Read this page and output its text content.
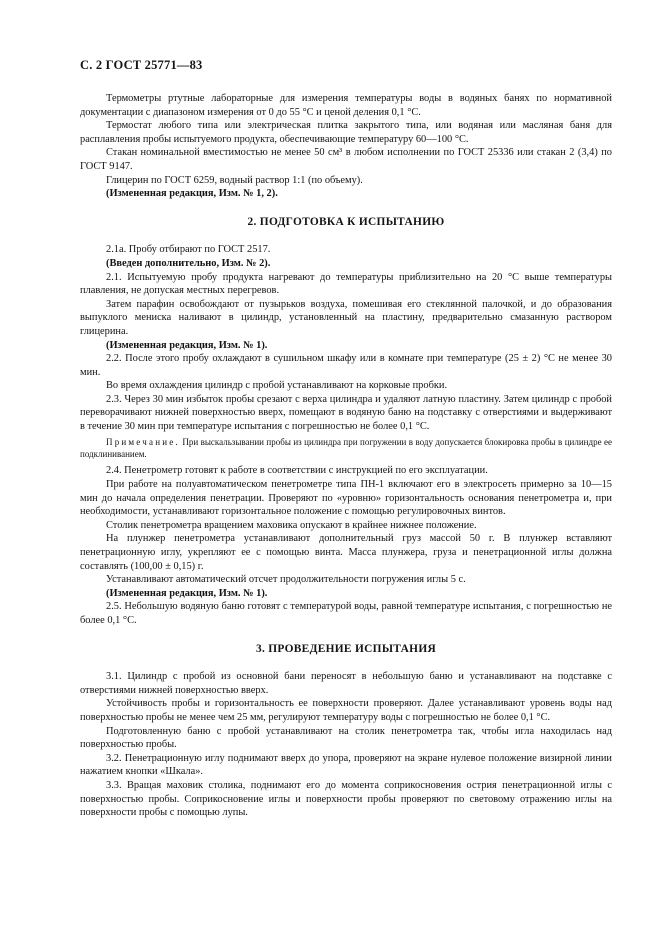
С. 2 ГОСТ 25771—83

Термометры ртутные лабораторные для измерения температуры воды в водяных банях по нормативной документации с диапазоном измерения от 0 до 55 °С и ценой деления 0,1 °С.

Термостат любого типа или электрическая плитка закрытого типа, или водяная или масляная баня для расплавления пробы испытуемого продукта, обеспечивающие температуру 60—100 °С.

Стакан номинальной вместимостью не менее 50 см³ в любом исполнении по ГОСТ 25336 или стакан 2 (3,4) по ГОСТ 9147.

Глицерин по ГОСТ 6259, водный раствор 1:1 (по объему).

(Измененная редакция, Изм. № 1, 2).

2. ПОДГОТОВКА К ИСПЫТАНИЮ

2.1а. Пробу отбирают по ГОСТ 2517.

(Введен дополнительно, Изм. № 2).

2.1. Испытуемую пробу продукта нагревают до температуры приблизительно на 20 °С выше температуры плавления, не допуская местных перегревов.

Затем парафин освобождают от пузырьков воздуха, помешивая его стеклянной палочкой, и до образования выпуклого мениска наливают в цилиндр, установленный на пластину, предварительно смазанную раствором глицерина.

(Измененная редакция, Изм. № 1).

2.2. После этого пробу охлаждают в сушильном шкафу или в комнате при температуре (25 ± 2) °С не менее 30 мин.

Во время охлаждения цилиндр с пробой устанавливают на корковые пробки.

2.3. Через 30 мин избыток пробы срезают с верха цилиндра и удаляют латную пластину. Затем цилиндр с пробой переворачивают нижней поверхностью вверх, помещают в водяную баню на подставку с отверстиями и выдерживают в течение 30 мин при температуре испытания с погрешностью не более 0,1 °С.

Примечание. При выскальзывании пробы из цилиндра при погружении в воду допускается блокировка пробы в цилиндре ее подклиниванием.

2.4. Пенетрометр готовят к работе в соответствии с инструкцией по его эксплуатации.

При работе на полуавтоматическом пенетрометре типа ПН-1 включают его в электросеть примерно за 10—15 мин до начала определения пенетрации. Проверяют по «уровню» горизонтальность основания пенетрометра и, при необходимости, устанавливают горизонтальное положение с помощью регулировочных винтов.

Столик пенетрометра вращением маховика опускают в крайнее нижнее положение.

На плунжер пенетрометра устанавливают дополнительный груз массой 50 г. В плунжер вставляют пенетрационную иглу, укрепляют ее с помощью винта. Масса плунжера, груза и пенетрационной иглы должна составлять (100,00 ± 0,15) г.

Устанавливают автоматический отсчет продолжительности погружения иглы 5 с.

(Измененная редакция, Изм. № 1).

2.5. Небольшую водяную баню готовят с температурой воды, равной температуре испытания, с погрешностью не более 0,1 °С.

3. ПРОВЕДЕНИЕ ИСПЫТАНИЯ

3.1. Цилиндр с пробой из основной бани переносят в небольшую баню и устанавливают на подставке с отверстиями нижней поверхностью вверх.

Устойчивость пробы и горизонтальность ее поверхности проверяют. Далее устанавливают уровень воды над поверхностью пробы не менее чем 25 мм, регулируют температуру воды с погрешностью не более 0,1 °С.

Подготовленную баню с пробой устанавливают на столик пенетрометра так, чтобы игла находилась над поверхностью пробы.

3.2. Пенетрационную иглу поднимают вверх до упора, проверяют на экране нулевое положение визирной линии нажатием кнопки «Шкала».

3.3. Вращая маховик столика, поднимают его до момента соприкосновения острия пенетрационной иглы с поверхностью пробы. Соприкосновение иглы и поверхности пробы проверяют по световому отражению иглы на поверхности пробы с помощью лупы.
